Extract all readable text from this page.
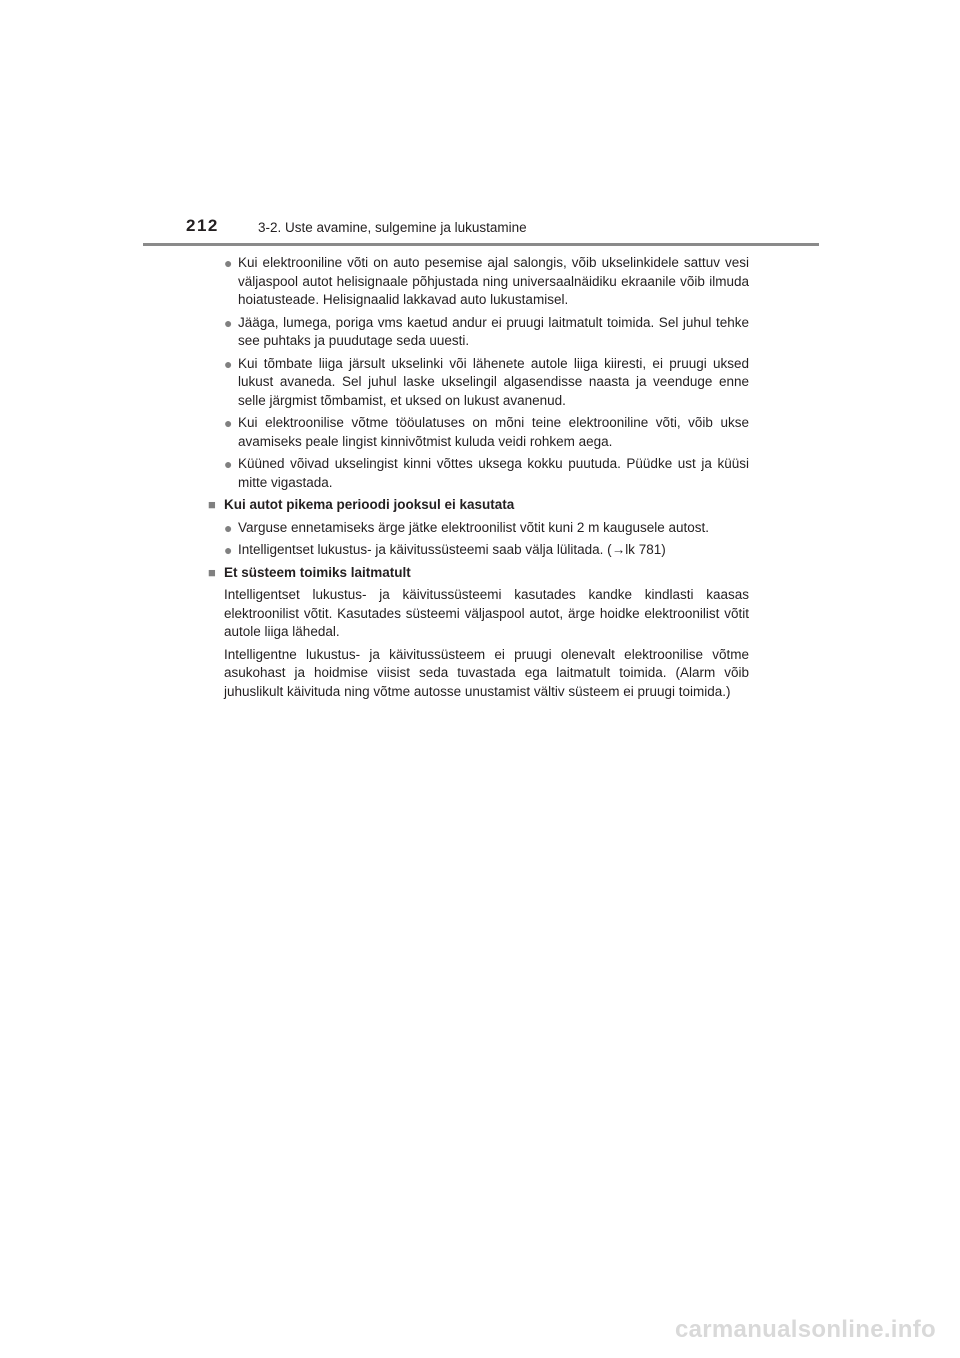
212	3-2. Uste avamine, sulgemine ja lukustamine
● Kui elektrooniline võti on auto pesemise ajal salongis, võib ukselinkidele sattuv vesi väljaspool autot helisignaale põhjustada ning universaalnäidiku ekraanile võib ilmuda hoiatusteade. Helisignaalid lakkavad auto lukustamisel.
● Jääga, lumega, poriga vms kaetud andur ei pruugi laitmatult toimida. Sel juhul tehke see puhtaks ja puudutage seda uuesti.
● Kui tõmbate liiga järsult ukselinki või lähenete autole liiga kiiresti, ei pruugi uksed lukust avaneda. Sel juhul laske ukselingil algasendisse naasta ja veenduge enne selle järgmist tõmbamist, et uksed on lukust avanenud.
● Kui elektroonilise võtme tööulatuses on mõni teine elektrooniline võti, võib ukse avamiseks peale lingist kinnivõtmist kuluda veidi rohkem aega.
● Küüned võivad ukselingist kinni võttes uksega kokku puutuda. Püüdke ust ja küüsi mitte vigastada.
■ Kui autot pikema perioodi jooksul ei kasutata
● Varguse ennetamiseks ärge jätke elektroonilist võtit kuni 2 m kaugusele autost.
● Intelligentset lukustus- ja käivitussüsteemi saab välja lülitada. (→lk 781)
■ Et süsteem toimiks laitmatult
Intelligentset lukustus- ja käivitussüsteemi kasutades kandke kindlasti kaasas elektroonilist võtit. Kasutades süsteemi väljaspool autot, ärge hoidke elektroonilist võtit autole liiga lähedal.
Intelligentne lukustus- ja käivitussüsteem ei pruugi olenevalt elektroonilise võtme asukohast ja hoidmise viisist seda tuvastada ega laitmatult toimida. (Alarm võib juhuslikult käivituda ning võtme autosse unustamist vältiv süsteem ei pruugi toimida.)
carmanualsonline.info
